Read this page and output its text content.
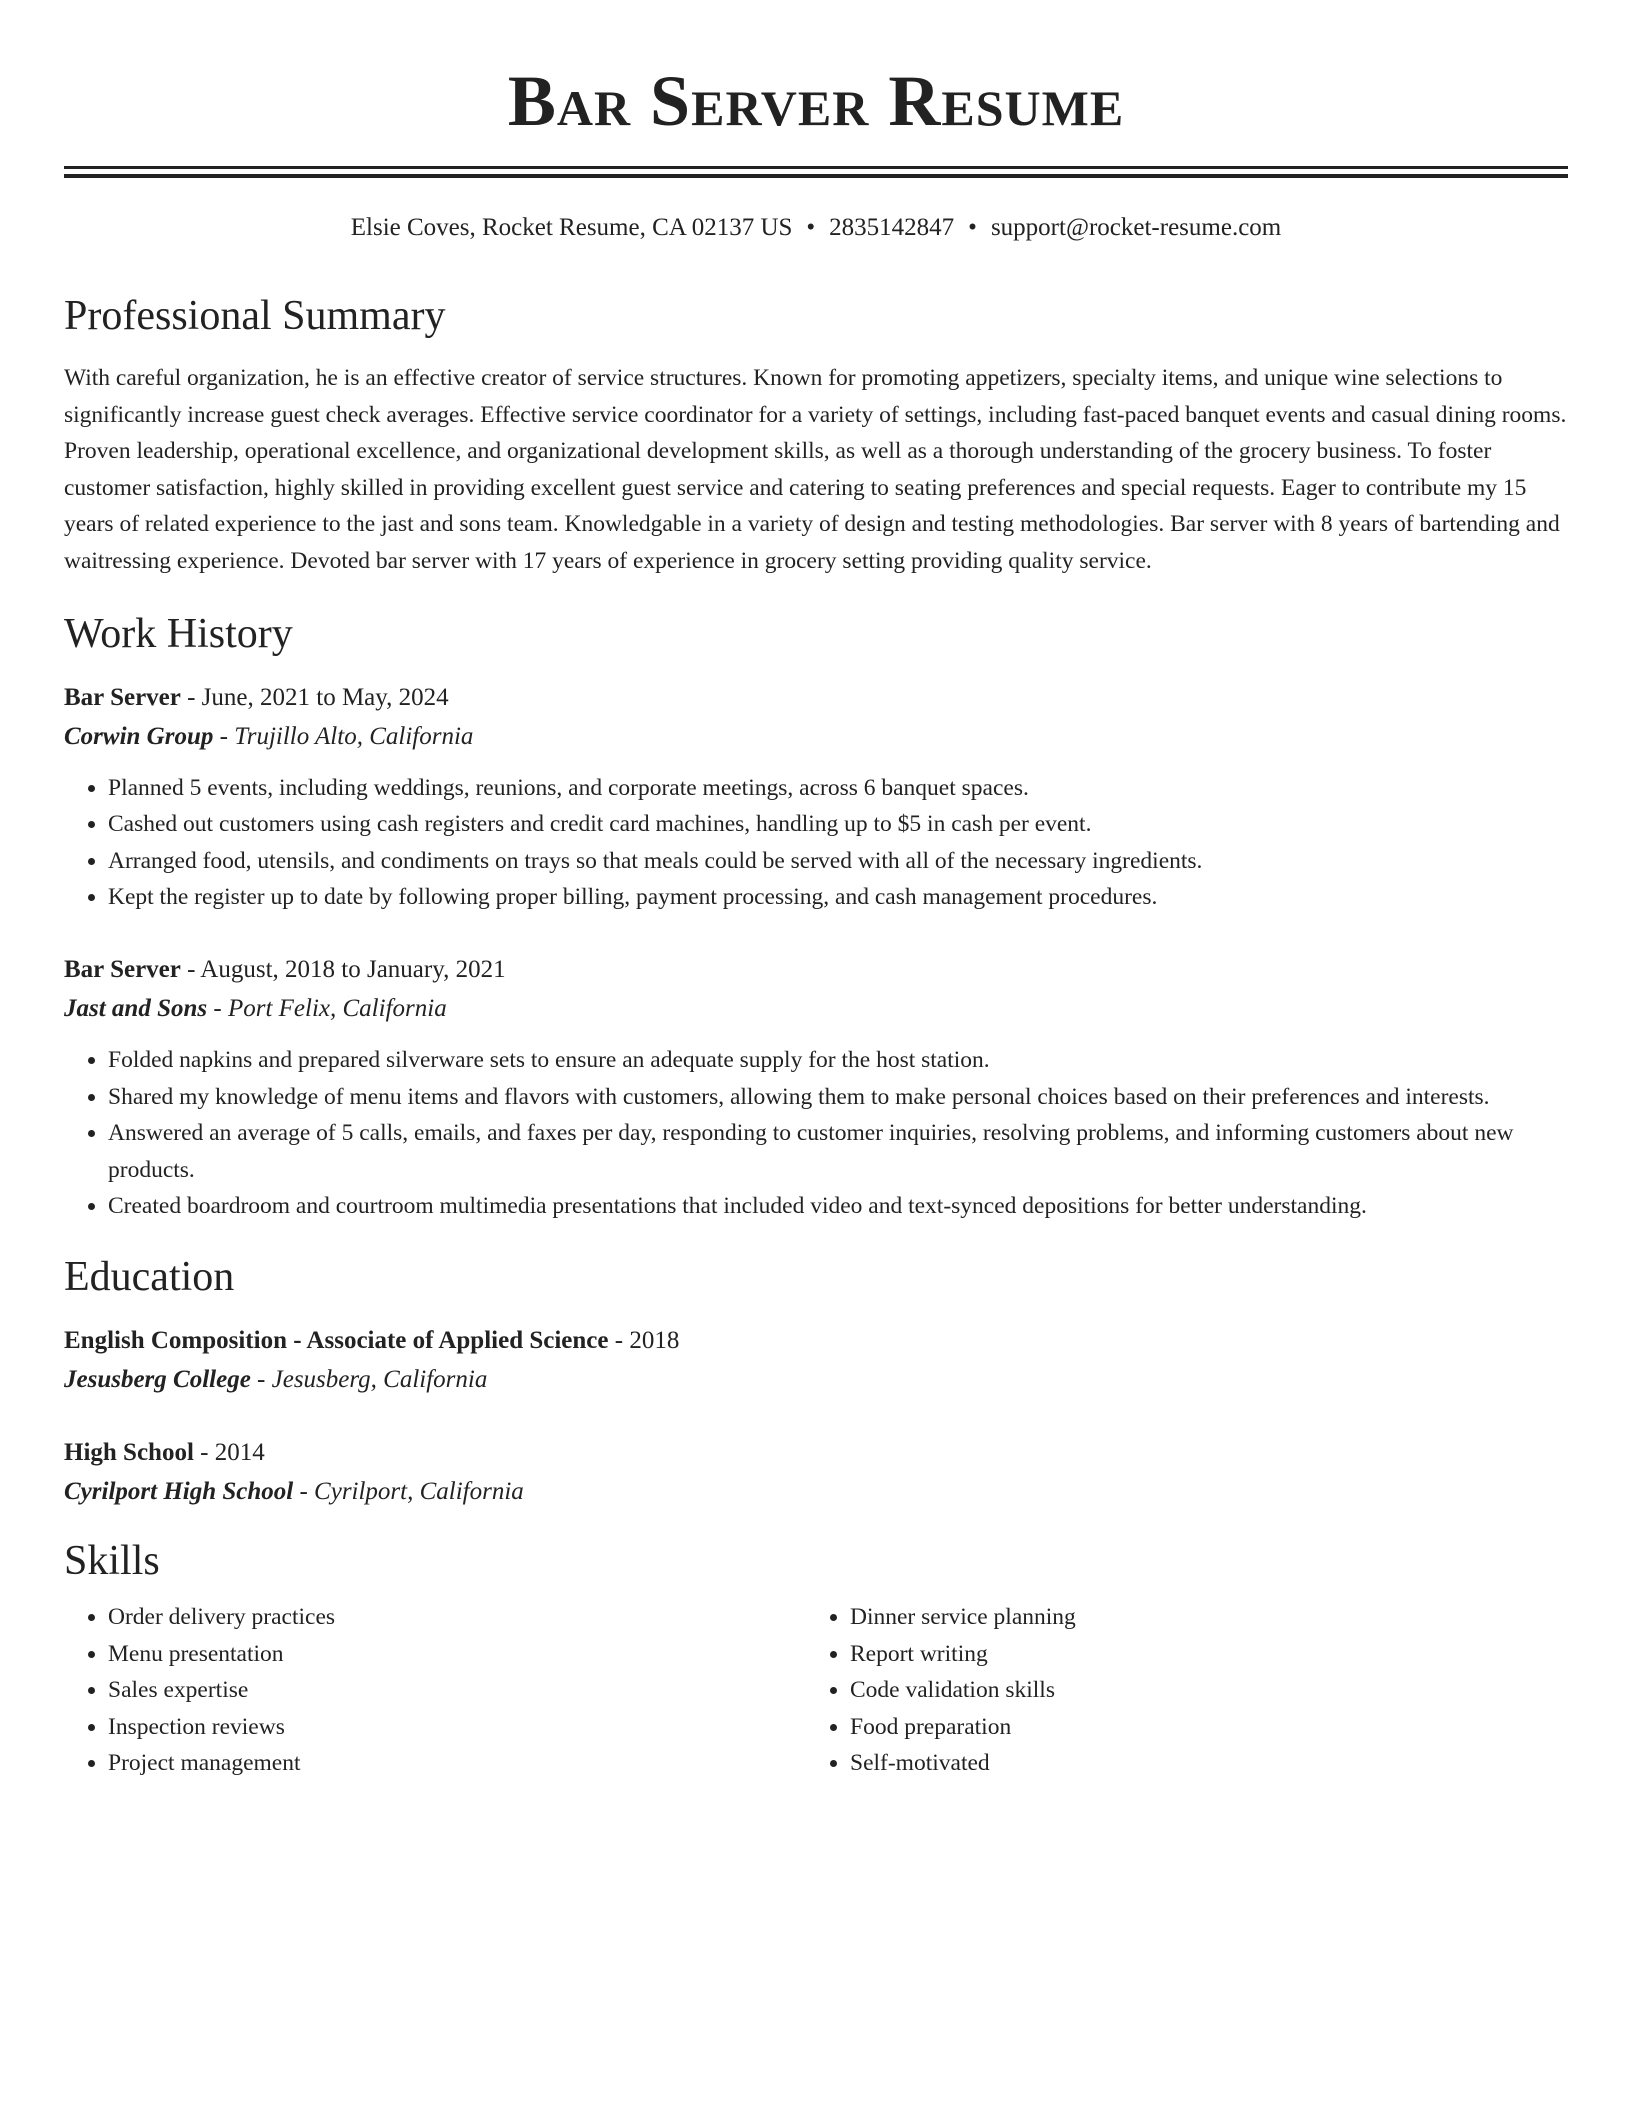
Bar Server Resume
Elsie Coves, Rocket Resume, CA 02137 US • 2835142847 • support@rocket-resume.com
Professional Summary

With careful organization, he is an effective creator of service structures. Known for promoting appetizers, specialty items, and unique wine selections to significantly increase guest check averages. Effective service coordinator for a variety of settings, including fast-paced banquet events and casual dining rooms. Proven leadership, operational excellence, and organizational development skills, as well as a thorough understanding of the grocery business. To foster customer satisfaction, highly skilled in providing excellent guest service and catering to seating preferences and special requests. Eager to contribute my 15 years of related experience to the jast and sons team. Knowledgable in a variety of design and testing methodologies. Bar server with 8 years of bartending and waitressing experience. Devoted bar server with 17 years of experience in grocery setting providing quality service.

Work History
Bar Server - June, 2021 to May, 2024
Corwin Group - Trujillo Alto, California
• Planned 5 events, including weddings, reunions, and corporate meetings, across 6 banquet spaces.
• Cashed out customers using cash registers and credit card machines, handling up to $5 in cash per event.
• Arranged food, utensils, and condiments on trays so that meals could be served with all of the necessary ingredients.
• Kept the register up to date by following proper billing, payment processing, and cash management procedures.
Bar Server - August, 2018 to January, 2021
Jast and Sons - Port Felix, California
• Folded napkins and prepared silverware sets to ensure an adequate supply for the host station.
• Shared my knowledge of menu items and flavors with customers, allowing them to make personal choices based on their preferences and interests.
• Answered an average of 5 calls, emails, and faxes per day, responding to customer inquiries, resolving problems, and informing customers about new products.
• Created boardroom and courtroom multimedia presentations that included video and text-synced depositions for better understanding.
Education
English Composition - Associate of Applied Science - 2018
Jesusberg College - Jesusberg, California
High School - 2014
Cyrilport High School - Cyrilport, California
Skills
• Order delivery practices
• Menu presentation
• Sales expertise
• Inspection reviews
• Project management
• Dinner service planning
• Report writing
• Code validation skills
• Food preparation
• Self-motivated
